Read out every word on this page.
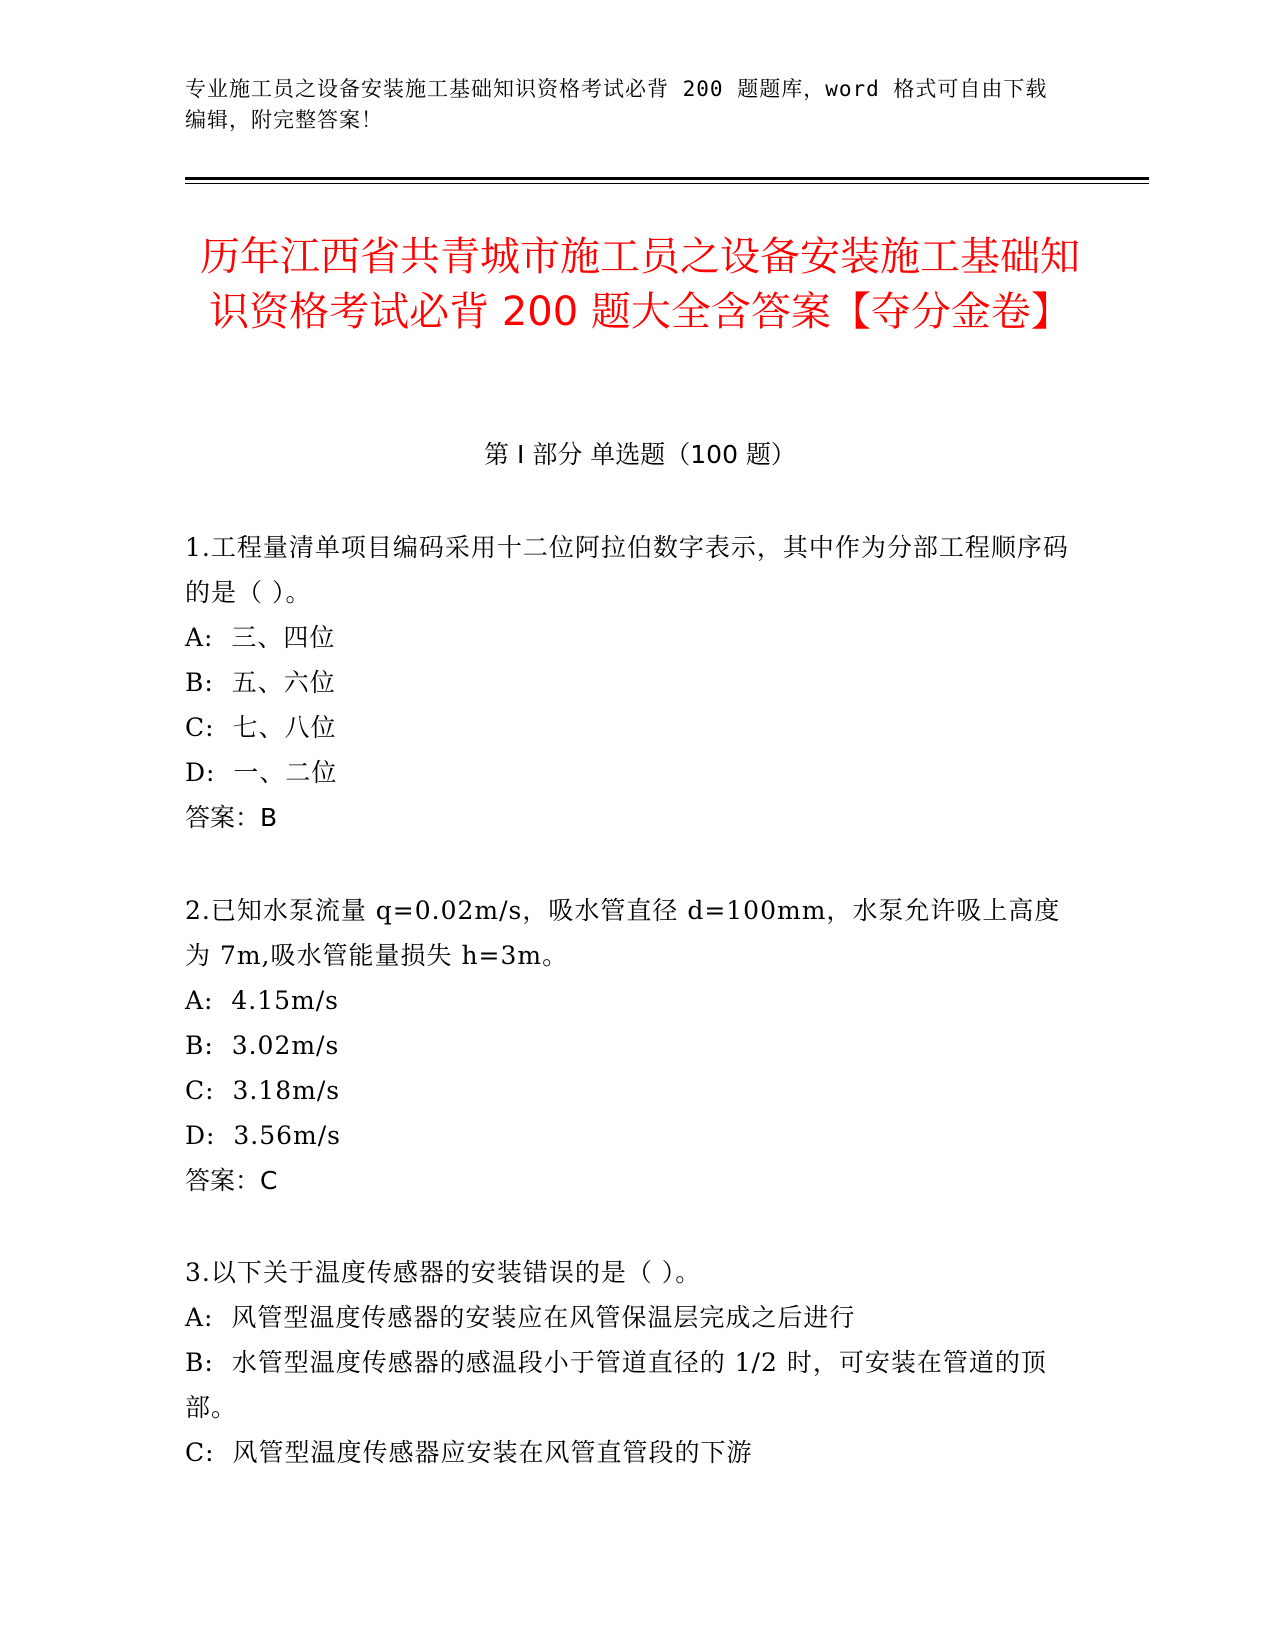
专业施工员之设备安装施工基础知识资格考试必背 200 题题库，word 格式可自由下载编辑，附完整答案！
历年江西省共青城市施工员之设备安装施工基础知识资格考试必背 200 题大全含答案【夺分金卷】
第 I 部分 单选题（100 题）
1.工程量清单项目编码采用十二位阿拉伯数字表示，其中作为分部工程顺序码的是（ ）。
A:  三、四位
B:  五、六位
C:  七、八位
D:  一、二位
答案：B
2.已知水泵流量 q=0.02m/s，吸水管直径 d=100mm，水泵允许吸上高度为 7m,吸水管能量损失 h=3m。
A:  4.15m/s
B:  3.02m/s
C:  3.18m/s
D:  3.56m/s
答案：C
3.以下关于温度传感器的安装错误的是（ ）。
A:  风管型温度传感器的安装应在风管保温层完成之后进行
B:  水管型温度传感器的感温段小于管道直径的 1/2 时，可安装在管道的顶部。
C:  风管型温度传感器应安装在风管直管段的下游
